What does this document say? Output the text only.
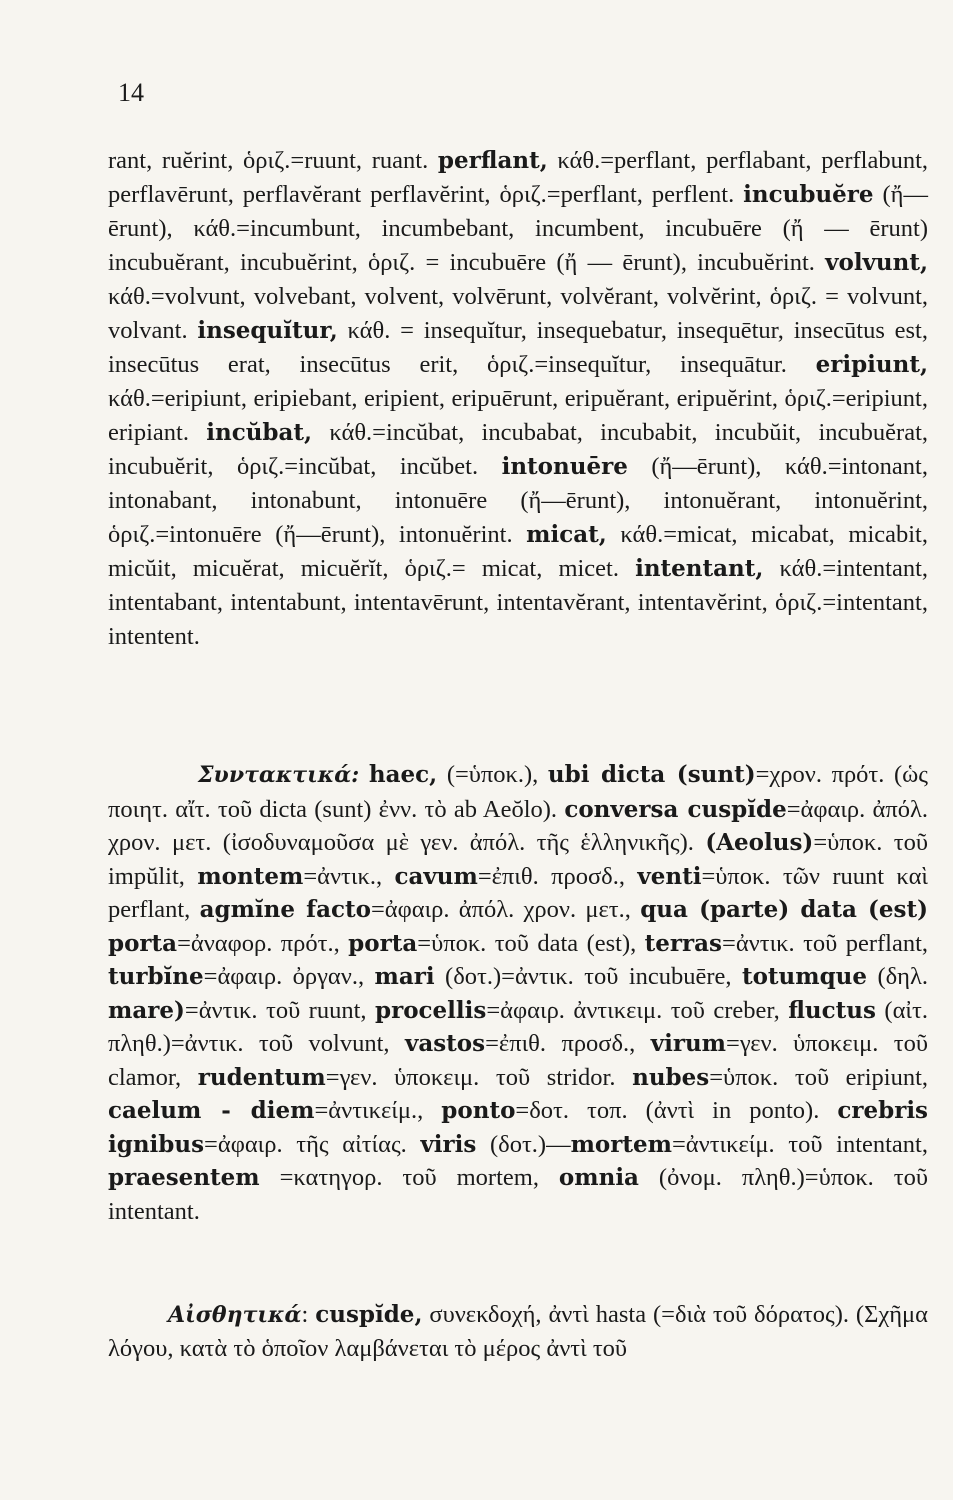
14

rant, ruĕrint, ὁριζ.=ruunt, ruant. perflant, κάθ.=perflant, perflabant, perflabunt, perflavērunt, perflavĕrant perflavĕrint, ὁριζ.=perflant, perflent. incubuĕre (ἤ—ērunt), κάθ.=incumbunt, incumbebant, incumbent, incubuēre (ἤ — ērunt) incubuĕrant, incubuĕrint, ὁριζ. = incubuēre (ἤ — ērunt), incubuĕrint. volvunt, κάθ.=volvunt, volvebant, volvent, volvērunt, volvĕrant, volvĕrint, ὁριζ. = volvunt, volvant. insequĭtur, κάθ. = insequĭtur, insequebatur, insequētur, insecūtus est, insecūtus erat, insecūtus erit, ὁριζ.=insequĭtur, insequātur. eripiunt, κάθ.=eripiunt, eripiebant, eripient, eripuērunt, eripuĕrant, eripuĕrint, ὁριζ.=eripiunt, eripiant. incŭbat, κάθ.=incŭbat, incubabat, incubabit, incubŭit, incubuĕrat, incubuĕrit, ὁριζ.=incŭbat, incŭbet. intonuēre (ἤ—ērunt), κάθ.=intonant, intonabant, intonabunt, intonuēre (ἤ—ērunt), intonuĕrant, intonuĕrint, ὁριζ.=intonuēre (ἤ—ērunt), intonuĕrint. micat, κάθ.=micat, micabat, micabit, micŭit, micuĕrat, micuĕrĭt, ὁριζ.= micat, micet. intentant, κάθ.=intentant, intentabant, intentabunt, intentavērunt, intentavĕrant, intentavĕrint, ὁριζ.=intentant, intentent.

Συντακτικά: haec, (=ὑποκ.), ubi dicta (sunt)=χρον. πρότ. (ὡς ποιητ. αἴτ. τοῦ dicta (sunt) ἐνν. τὸ ab Aeŏlo). conversa cuspĭde=ἀφαιρ. ἀπόλ. χρον. μετ. (ἰσοδυναμοῦσα μὲ γεν. ἀπόλ. τῆς ἑλληνικῆς). (Aeolus)=ὑποκ. τοῦ impŭlit, montem=ἀντικ., cavum=ἐπιθ. προσδ., venti=ὑποκ. τῶν ruunt καὶ perflant, agmĭne facto=ἀφαιρ. ἀπόλ. χρον. μετ., qua (parte) data (est) porta=ἀναφορ. πρότ., porta=ὑποκ. τοῦ data (est), terras=ἀντικ. τοῦ perflant, turbĭne=ἀφαιρ. ὀργαν., mari (δοτ.)=ἀντικ. τοῦ incubuēre, totumque (δηλ. mare)=ἀντικ. τοῦ ruunt, procellis=ἀφαιρ. ἀντικειμ. τοῦ creber, fluctus (αἰτ. πληθ.)=ἀντικ. τοῦ volvunt, vastos=ἐπιθ. προσδ., virum=γεν. ὑποκειμ. τοῦ clamor, rudentum=γεν. ὑποκειμ. τοῦ stridor. nubes=ὑποκ. τοῦ eripiunt, caelum - diem=ἀντικείμ., ponto=δοτ. τοπ. (ἀντὶ in ponto). crebris ignibus=ἀφαιρ. τῆς αἰτίας. viris (δοτ.)—mortem=ἀντικείμ. τοῦ intentant, praesentem =κατηγορ. τοῦ mortem, omnia (ὀνομ. πληθ.)=ὑποκ. τοῦ intentant.

Αἰσθητικά: cuspĭde, συνεκδοχή, ἀντὶ hasta (=διὰ τοῦ δόρατος). (Σχῆμα λόγου, κατὰ τὸ ὁποῖον λαμβάνεται τὸ μέρος ἀντὶ τοῦ
